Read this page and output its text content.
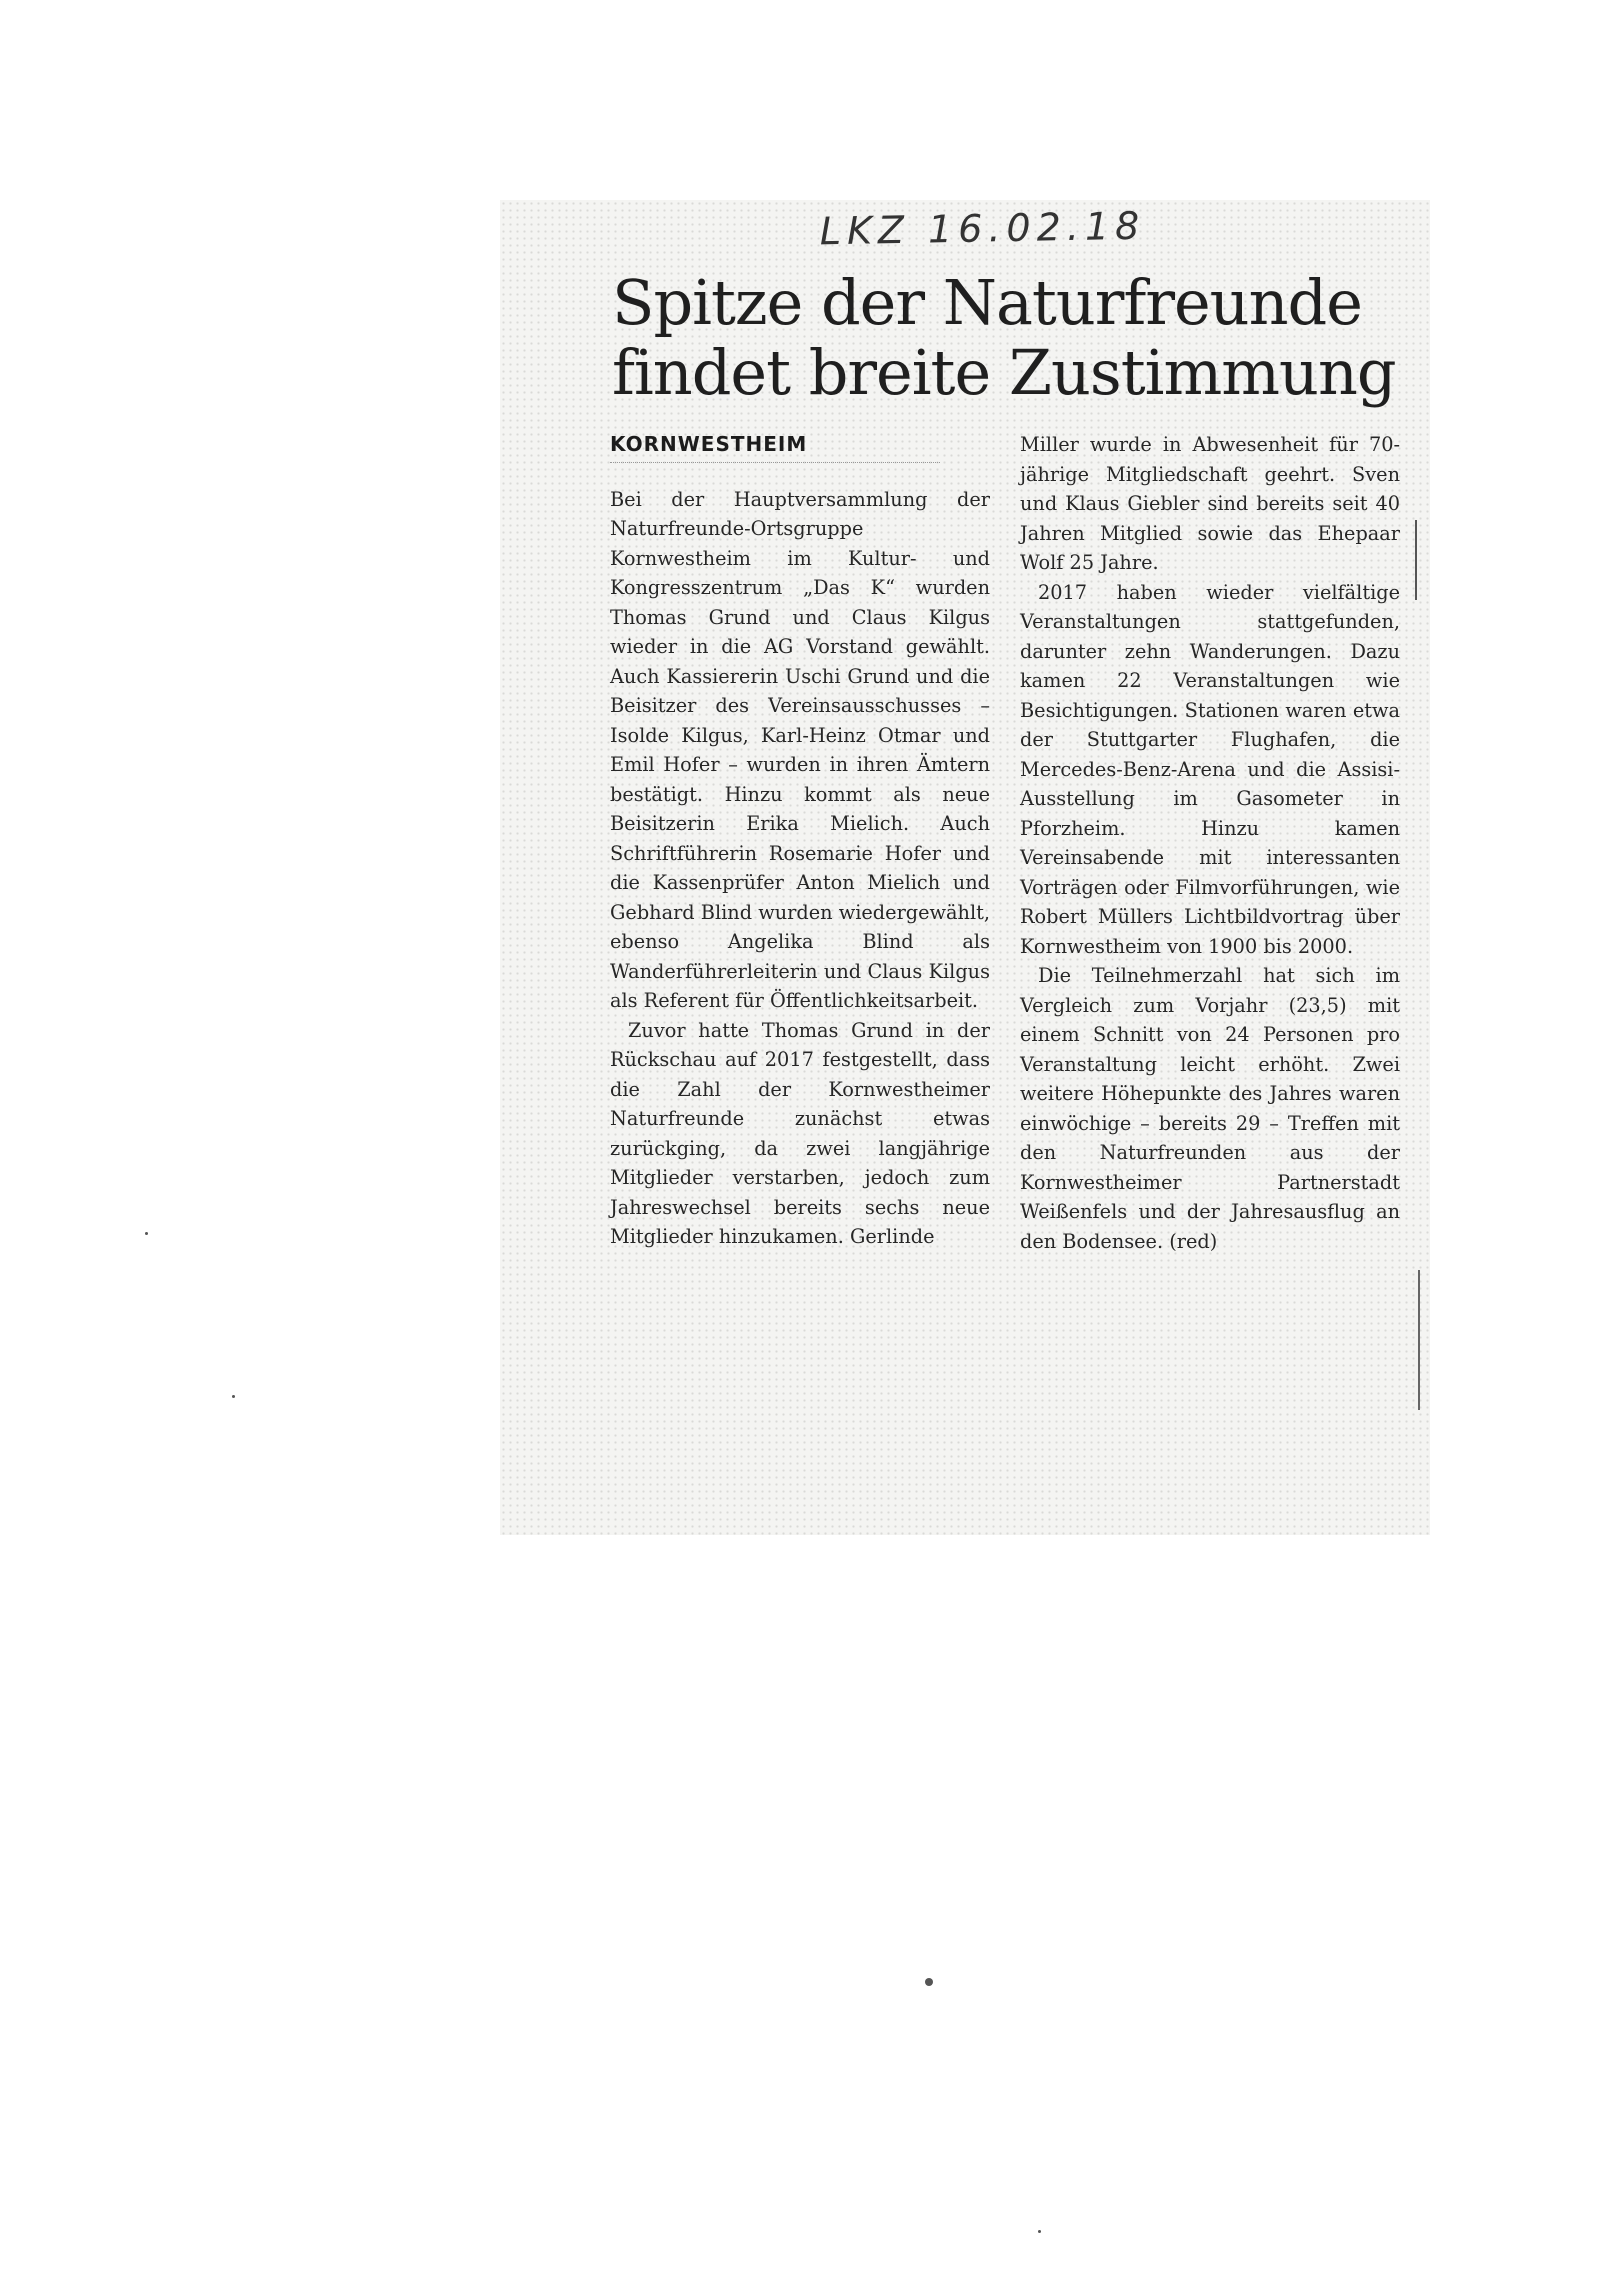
LKZ 16.02.18
Spitze der Naturfreunde
findet breite Zustimmung
KORNWESTHEIM

Bei der Hauptversammlung der Naturfreunde-Ortsgruppe Kornwestheim im Kultur- und Kongresszentrum „Das K“ wurden Thomas Grund und Claus Kilgus wieder in die AG Vorstand gewählt. Auch Kassiererin Uschi Grund und die Beisitzer des Vereinsausschusses – Isolde Kilgus, Karl-Heinz Otmar und Emil Hofer – wurden in ihren Ämtern bestätigt. Hinzu kommt als neue Beisitzerin Erika Mielich. Auch Schriftführerin Rosemarie Hofer und die Kassenprüfer Anton Mielich und Gebhard Blind wurden wiedergewählt, ebenso Angelika Blind als Wanderführerleiterin und Claus Kilgus als Referent für Öffentlichkeitsarbeit.

Zuvor hatte Thomas Grund in der Rückschau auf 2017 festgestellt, dass die Zahl der Kornwestheimer Naturfreunde zunächst etwas zurückging, da zwei langjährige Mitglieder verstarben, jedoch zum Jahreswechsel bereits sechs neue Mitglieder hinzukamen. Gerlinde

Miller wurde in Abwesenheit für 70-jährige Mitgliedschaft geehrt. Sven und Klaus Giebler sind bereits seit 40 Jahren Mitglied sowie das Ehepaar Wolf 25 Jahre.

2017 haben wieder vielfältige Veranstaltungen stattgefunden, darunter zehn Wanderungen. Dazu kamen 22 Veranstaltungen wie Besichtigungen. Stationen waren etwa der Stuttgarter Flughafen, die Mercedes-Benz-Arena und die Assisi-Ausstellung im Gasometer in Pforzheim. Hinzu kamen Vereinsabende mit interessanten Vorträgen oder Filmvorführungen, wie Robert Müllers Lichtbildvortrag über Kornwestheim von 1900 bis 2000.

Die Teilnehmerzahl hat sich im Vergleich zum Vorjahr (23,5) mit einem Schnitt von 24 Personen pro Veranstaltung leicht erhöht. Zwei weitere Höhepunkte des Jahres waren einwöchige – bereits 29 – Treffen mit den Naturfreunden aus der Kornwestheimer Partnerstadt Weißenfels und der Jahresausflug an den Bodensee. (red)
